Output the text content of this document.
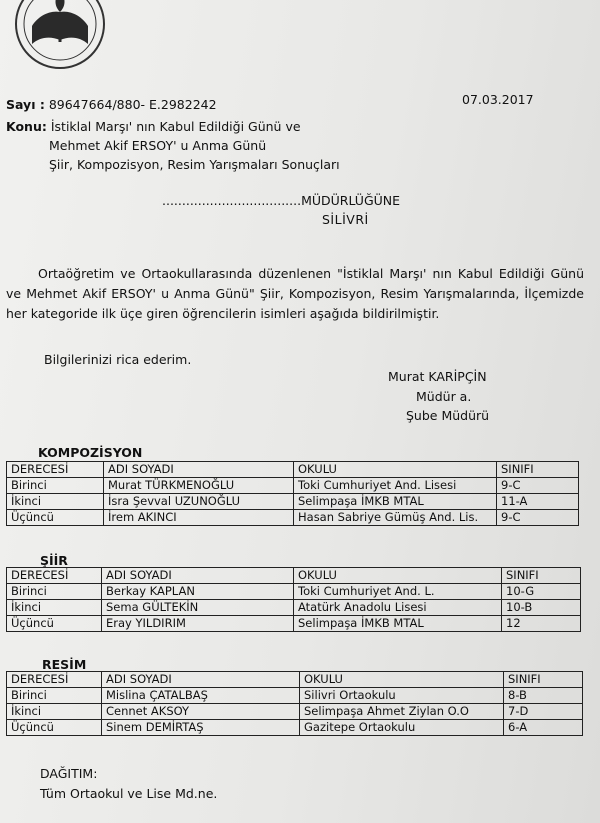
07.03.2017
Sayı : 89647664/880- E.2982242
Konu: İstiklal Marşı' nın Kabul Edildiği Günü ve
Mehmet Akif ERSOY' u Anma Günü
Şiir, Kompozisyon, Resim Yarışmaları Sonuçları
...................................MÜDÜRLÜĞÜNE
SİLİVRİ
Ortaöğretim ve Ortaokullarasında düzenlenen "İstiklal Marşı' nın Kabul Edildiği Günü ve Mehmet Akif ERSOY' u Anma Günü" Şiir, Kompozisyon, Resim Yarışmalarında, İlçemizde her kategoride ilk üçe giren öğrencilerin isimleri aşağıda bildirilmiştir.
Bilgilerinizi rica ederim.
Murat KARİPÇİN
Müdür a.
Şube Müdürü
KOMPOZİSYON
DERECESİ	ADI SOYADI	OKULU	SINIFI
Birinci	Murat TÜRKMENOĞLU	Toki Cumhuriyet And. Lisesi	9-C
İkinci	İsra Şevval UZUNOĞLU	Selimpaşa İMKB MTAL	11-A
Üçüncü	İrem AKINCI	Hasan Sabriye Gümüş And. Lis.	9-C
ŞİİR
DERECESİ	ADI SOYADI	OKULU	SINIFI
Birinci	Berkay KAPLAN	Toki Cumhuriyet And. L.	10-G
İkinci	Sema GÜLTEKİN	Atatürk Anadolu Lisesi	10-B
Üçüncü	Eray YILDIRIM	Selimpaşa İMKB MTAL	12
RESİM
DERECESİ	ADI SOYADI	OKULU	SINIFI
Birinci	Mislina ÇATALBAŞ	Silivri Ortaokulu	8-B
İkinci	Cennet AKSOY	Selimpaşa Ahmet Ziylan O.O	7-D
Üçüncü	Sinem DEMİRTAŞ	Gazitepe Ortaokulu	6-A
DAĞITIM:
Tüm Ortaokul ve Lise Md.ne.
